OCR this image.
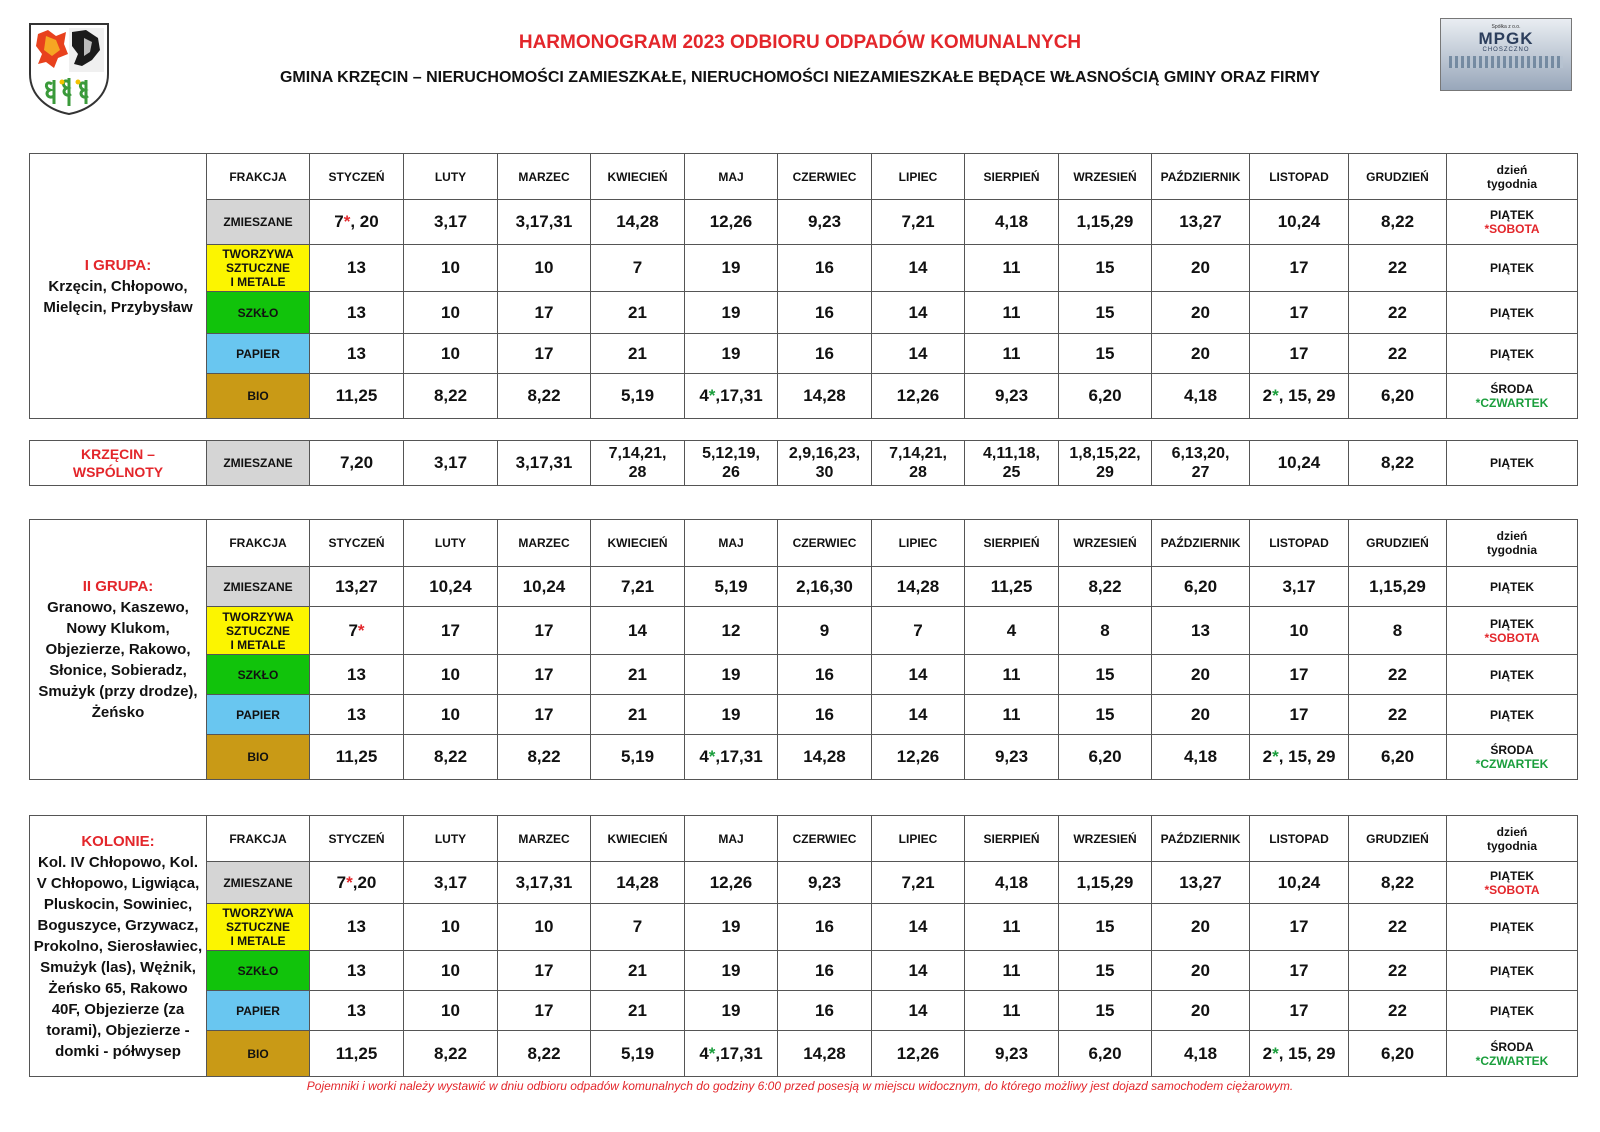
HARMONOGRAM 2023 ODBIORU ODPADÓW KOMUNALNYCH
GMINA KRZĘCIN – NIERUCHOMOŚCI ZAMIESZKAŁE, NIERUCHOMOŚCI NIEZAMIESZKAŁE BĘDĄCE WŁASNOŚCIĄ GMINY ORAZ FIRMY
Spółka z o.o.
MPGK
CHOSZCZNO
I GRUPA:
Krzęcin, Chłopowo, Mielęcin, Przybysław	FRAKCJA	STYCZEŃ	LUTY	MARZEC	KWIECIEŃ	MAJ	CZERWIEC	LIPIEC	SIERPIEŃ	WRZESIEŃ	PAŹDZIERNIK	LISTOPAD	GRUDZIEŃ	dzień
tygodnia
	ZMIESZANE	7*, 20	3,17	3,17,31	14,28	12,26	9,23	7,21	4,18	1,15,29	13,27	10,24	8,22	PIĄTEK
*SOBOTA
	TWORZYWA
SZTUCZNE
I METALE	13	10	10	7	19	16	14	11	15	20	17	22	PIĄTEK
	SZKŁO	13	10	17	21	19	16	14	11	15	20	17	22	PIĄTEK
	PAPIER	13	10	17	21	19	16	14	11	15	20	17	22	PIĄTEK
	BIO	11,25	8,22	8,22	5,19	4*,17,31	14,28	12,26	9,23	6,20	4,18	2*, 15, 29	6,20	ŚRODA
*CZWARTEK
KRZĘCIN –
WSPÓLNOTY	ZMIESZANE	7,20	3,17	3,17,31	7,14,21,
28	5,12,19,
26	2,9,16,23,
30	7,14,21,
28	4,11,18,
25	1,8,15,22,
29	6,13,20,
27	10,24	8,22	PIĄTEK
II GRUPA:
Granowo, Kaszewo, Nowy Klukom, Objezierze, Rakowo, Słonice, Sobieradz, Smużyk (przy drodze), Żeńsko	FRAKCJA	STYCZEŃ	LUTY	MARZEC	KWIECIEŃ	MAJ	CZERWIEC	LIPIEC	SIERPIEŃ	WRZESIEŃ	PAŹDZIERNIK	LISTOPAD	GRUDZIEŃ	dzień
tygodnia
	ZMIESZANE	13,27	10,24	10,24	7,21	5,19	2,16,30	14,28	11,25	8,22	6,20	3,17	1,15,29	PIĄTEK
	TWORZYWA
SZTUCZNE
I METALE	7*	17	17	14	12	9	7	4	8	13	10	8	PIĄTEK
*SOBOTA
	SZKŁO	13	10	17	21	19	16	14	11	15	20	17	22	PIĄTEK
	PAPIER	13	10	17	21	19	16	14	11	15	20	17	22	PIĄTEK
	BIO	11,25	8,22	8,22	5,19	4*,17,31	14,28	12,26	9,23	6,20	4,18	2*, 15, 29	6,20	ŚRODA
*CZWARTEK
KOLONIE:
Kol. IV Chłopowo, Kol. V Chłopowo, Ligwiąca, Pluskocin, Sowiniec, Boguszyce, Grzywacz, Prokolno, Sierosławiec, Smużyk (las), Wężnik, Żeńsko 65, Rakowo 40F, Objezierze (za torami), Objezierze - domki - półwysep	FRAKCJA	STYCZEŃ	LUTY	MARZEC	KWIECIEŃ	MAJ	CZERWIEC	LIPIEC	SIERPIEŃ	WRZESIEŃ	PAŹDZIERNIK	LISTOPAD	GRUDZIEŃ	dzień
tygodnia
	ZMIESZANE	7*,20	3,17	3,17,31	14,28	12,26	9,23	7,21	4,18	1,15,29	13,27	10,24	8,22	PIĄTEK
*SOBOTA
	TWORZYWA
SZTUCZNE
I METALE	13	10	10	7	19	16	14	11	15	20	17	22	PIĄTEK
	SZKŁO	13	10	17	21	19	16	14	11	15	20	17	22	PIĄTEK
	PAPIER	13	10	17	21	19	16	14	11	15	20	17	22	PIĄTEK
	BIO	11,25	8,22	8,22	5,19	4*,17,31	14,28	12,26	9,23	6,20	4,18	2*, 15, 29	6,20	ŚRODA
*CZWARTEK
Pojemniki i worki należy wystawić w dniu odbioru odpadów komunalnych do godziny 6:00 przed posesją w miejscu widocznym, do którego możliwy jest dojazd samochodem ciężarowym.
